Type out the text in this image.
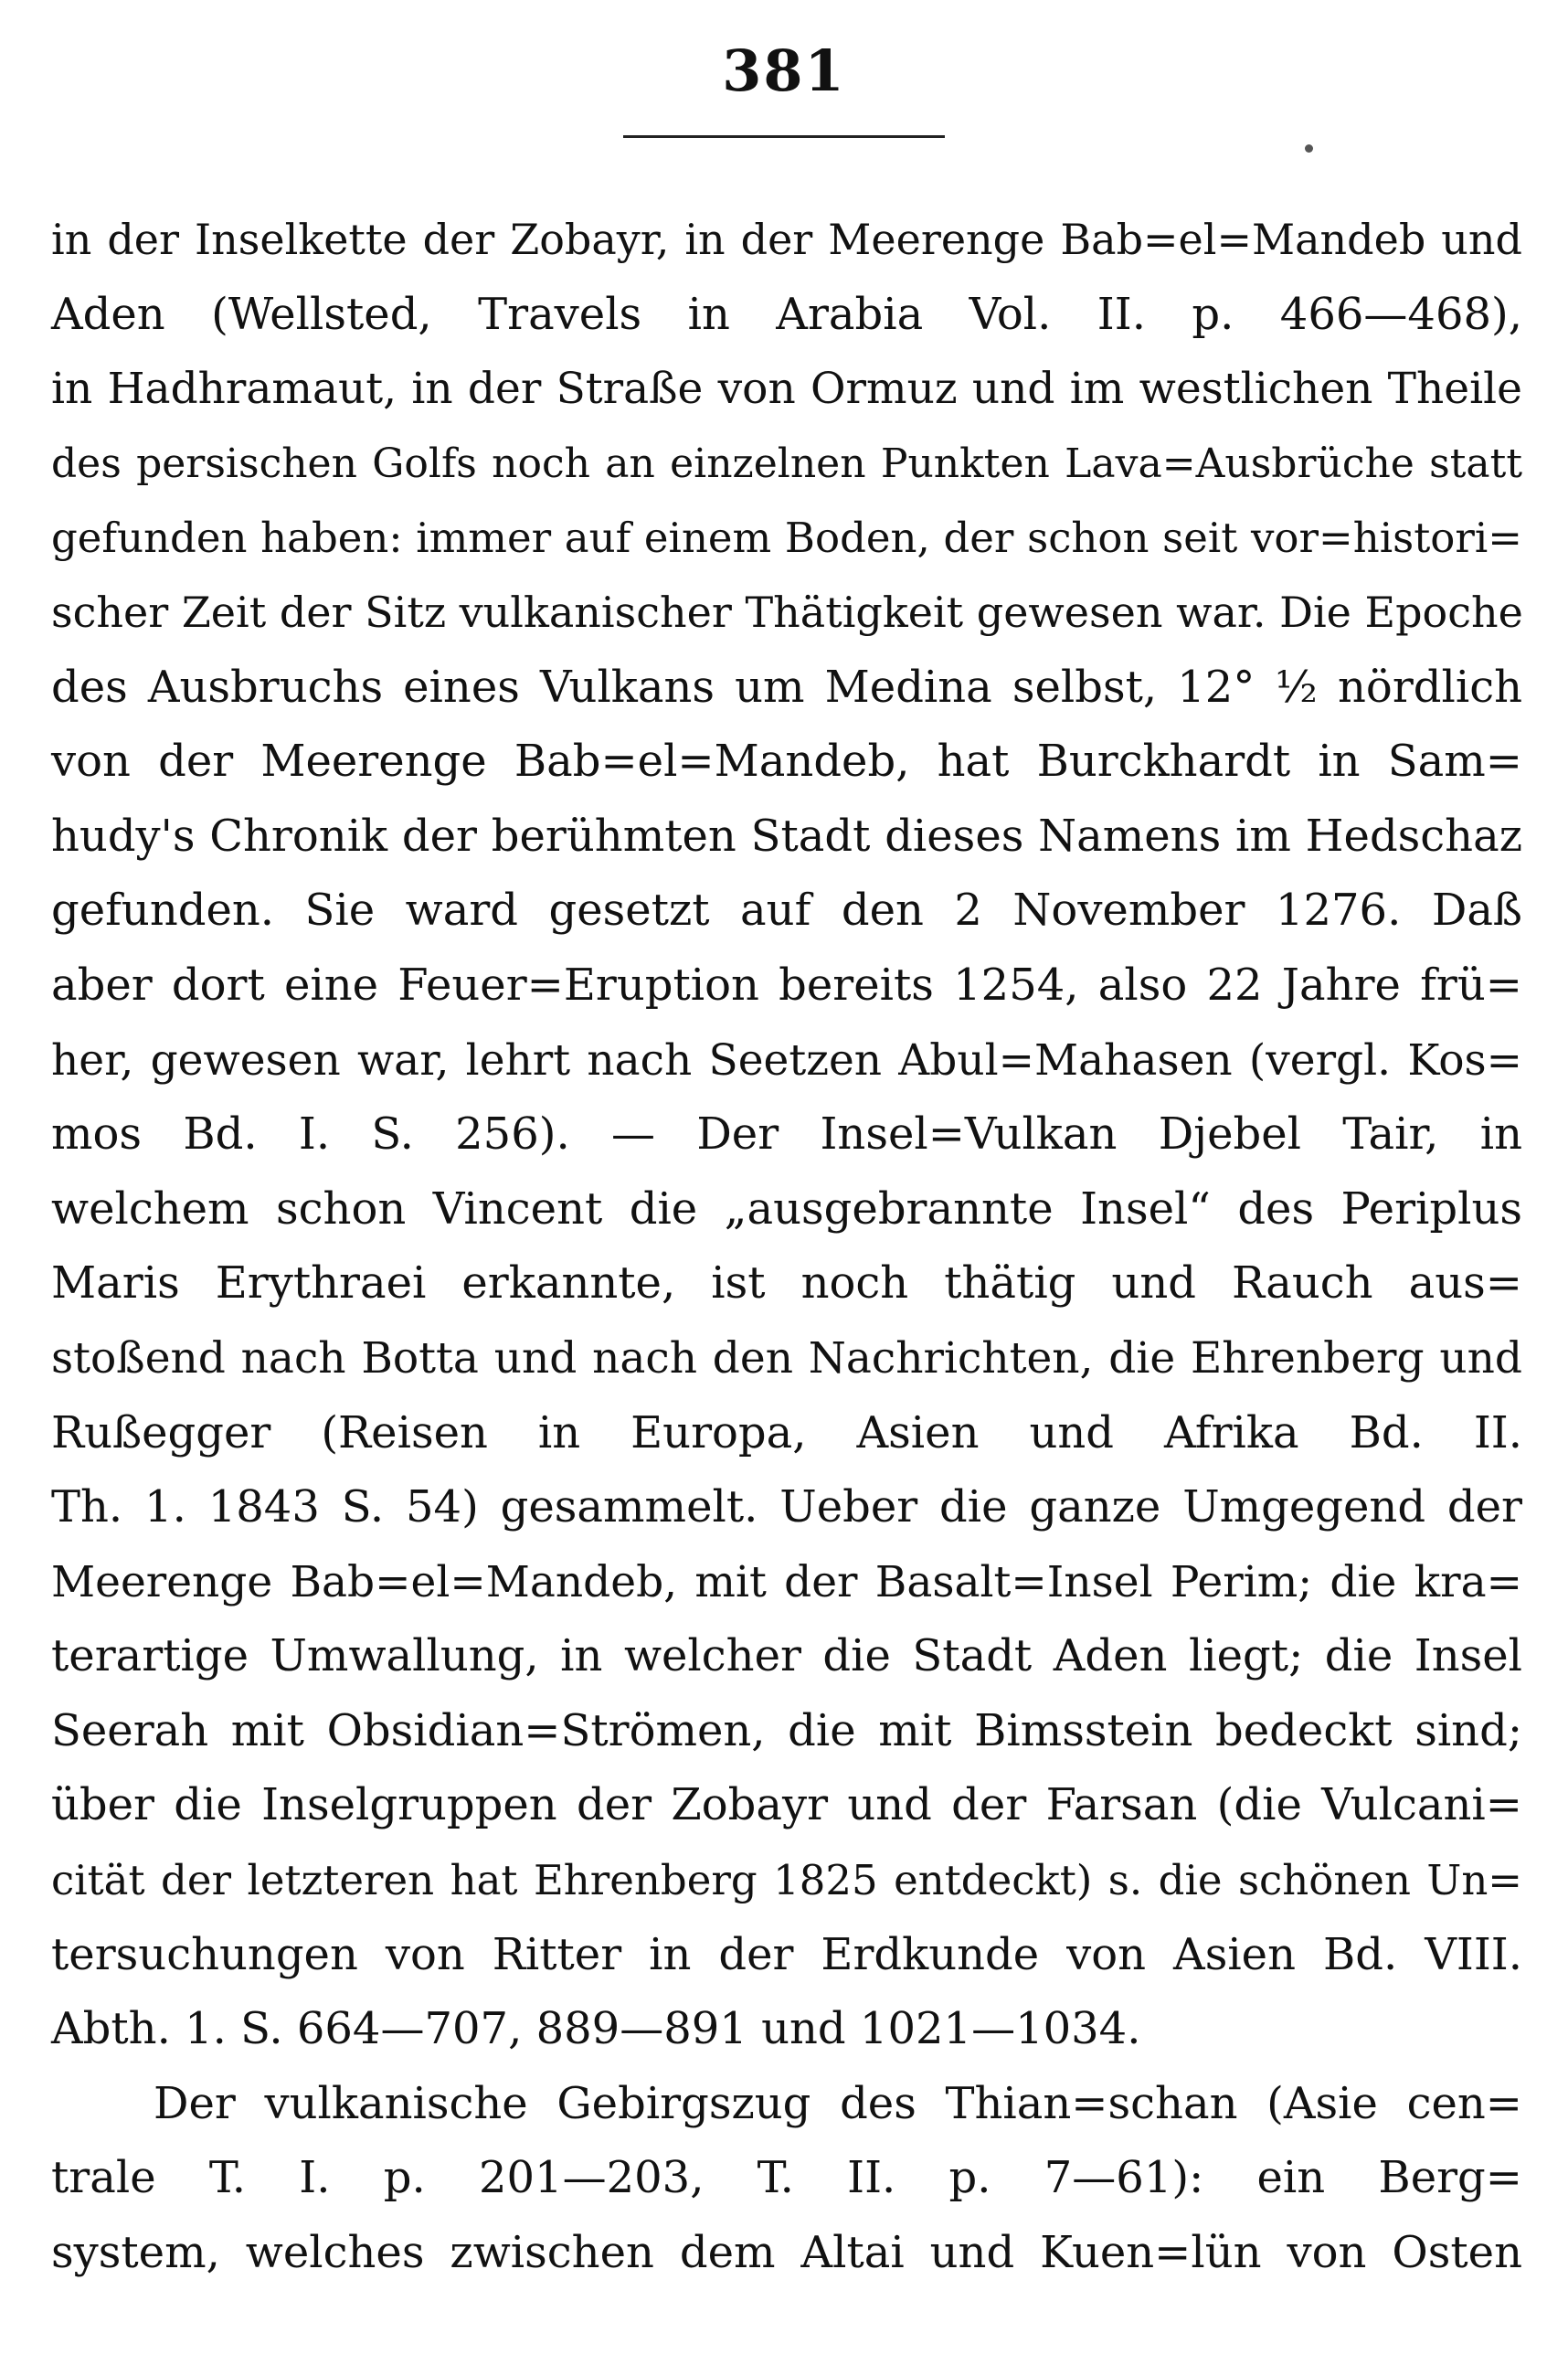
381
in der Inselkette der Zobayr, in der Meerenge Bab=el=Mandeb und
Aden (Wellsted, Travels in Arabia Vol. II. p. 466—468),
in Hadhramaut, in der Straße von Ormuz und im westlichen Theile
des persischen Golfs noch an einzelnen Punkten Lava=Ausbrüche statt
gefunden haben: immer auf einem Boden, der schon seit vor=histori=
scher Zeit der Sitz vulkanischer Thätigkeit gewesen war. Die Epoche
des Ausbruchs eines Vulkans um Medina selbst, 12° ½ nördlich
von der Meerenge Bab=el=Mandeb, hat Burckhardt in Sam=
hudy's Chronik der berühmten Stadt dieses Namens im Hedschaz
gefunden. Sie ward gesetzt auf den 2 November 1276. Daß
aber dort eine Feuer=Eruption bereits 1254, also 22 Jahre frü=
her, gewesen war, lehrt nach Seetzen Abul=Mahasen (vergl. Kos=
mos Bd. I. S. 256). — Der Insel=Vulkan Djebel Tair, in
welchem schon Vincent die „ausgebrannte Insel“ des Periplus
Maris Erythraei erkannte, ist noch thätig und Rauch aus=
stoßend nach Botta und nach den Nachrichten, die Ehrenberg und
Rußegger (Reisen in Europa, Asien und Afrika Bd. II.
Th. 1. 1843 S. 54) gesammelt. Ueber die ganze Umgegend der
Meerenge Bab=el=Mandeb, mit der Basalt=Insel Perim; die kra=
terartige Umwallung, in welcher die Stadt Aden liegt; die Insel
Seerah mit Obsidian=Strömen, die mit Bimsstein bedeckt sind;
über die Inselgruppen der Zobayr und der Farsan (die Vulcani=
cität der letzteren hat Ehrenberg 1825 entdeckt) s. die schönen Un=
tersuchungen von Ritter in der Erdkunde von Asien Bd. VIII.
Abth. 1. S. 664—707, 889—891 und 1021—1034.
Der vulkanische Gebirgszug des Thian=schan (Asie cen=
trale T. I. p. 201—203, T. II. p. 7—61): ein Berg=
system, welches zwischen dem Altai und Kuen=lün von Osten
